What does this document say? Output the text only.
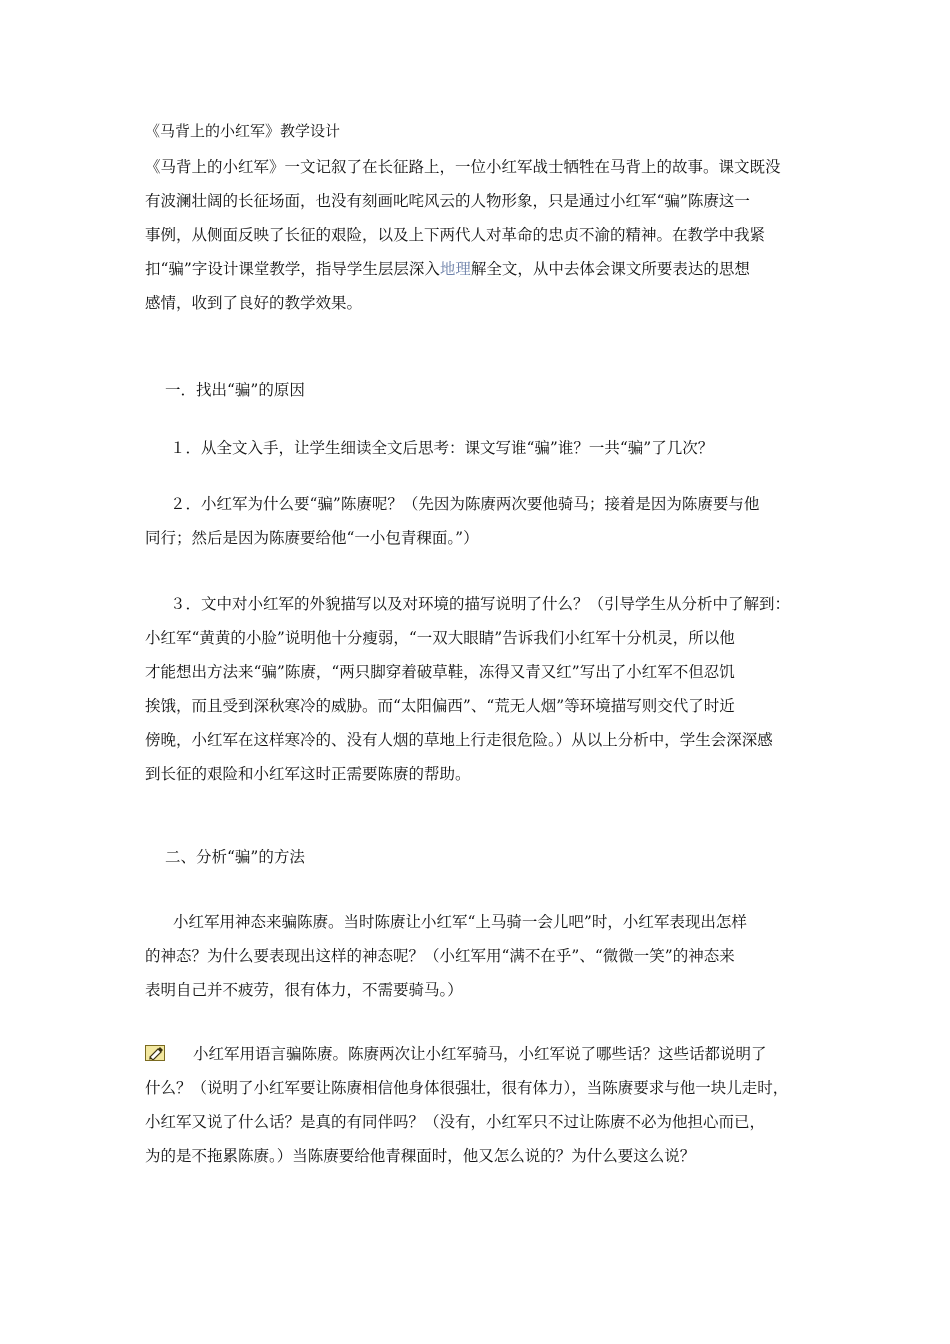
《马背上的小红军》教学设计
《马背上的小红军》一文记叙了在长征路上，一位小红军战士牺牲在马背上的故事。课文既没
有波澜壮阔的长征场面，也没有刻画叱咤风云的人物形象，只是通过小红军“骗”陈赓这一
事例，从侧面反映了长征的艰险，以及上下两代人对革命的忠贞不渝的精神。在教学中我紧
扣“骗”字设计课堂教学，指导学生层层深入地理解全文，从中去体会课文所要表达的思想
感情，收到了良好的教学效果。
一．找出“骗”的原因
１．从全文入手，让学生细读全文后思考：课文写谁“骗”谁？一共“骗”了几次？
２．小红军为什么要“骗”陈赓呢？（先因为陈赓两次要他骑马；接着是因为陈赓要与他
同行；然后是因为陈赓要给他“一小包青稞面。”）
３．文中对小红军的外貌描写以及对环境的描写说明了什么？（引导学生从分析中了解到：
小红军“黄黄的小脸”说明他十分瘦弱，“一双大眼睛”告诉我们小红军十分机灵，所以他
才能想出方法来“骗”陈赓，“两只脚穿着破草鞋，冻得又青又红”写出了小红军不但忍饥
挨饿，而且受到深秋寒冷的威胁。而“太阳偏西”、“荒无人烟”等环境描写则交代了时近
傍晚，小红军在这样寒冷的、没有人烟的草地上行走很危险。）从以上分析中，学生会深深感
到长征的艰险和小红军这时正需要陈赓的帮助。
二、分析“骗”的方法
小红军用神态来骗陈赓。当时陈赓让小红军“上马骑一会儿吧”时，小红军表现出怎样
的神态？为什么要表现出这样的神态呢？（小红军用“满不在乎”、“微微一笑”的神态来
表明自己并不疲劳，很有体力，不需要骑马。）
小红军用语言骗陈赓。陈赓两次让小红军骑马，小红军说了哪些话？这些话都说明了
什么？（说明了小红军要让陈赓相信他身体很强壮，很有体力），当陈赓要求与他一块儿走时，
小红军又说了什么话？是真的有同伴吗？（没有，小红军只不过让陈赓不必为他担心而已，
为的是不拖累陈赓。）当陈赓要给他青稞面时，他又怎么说的？为什么要这么说？
